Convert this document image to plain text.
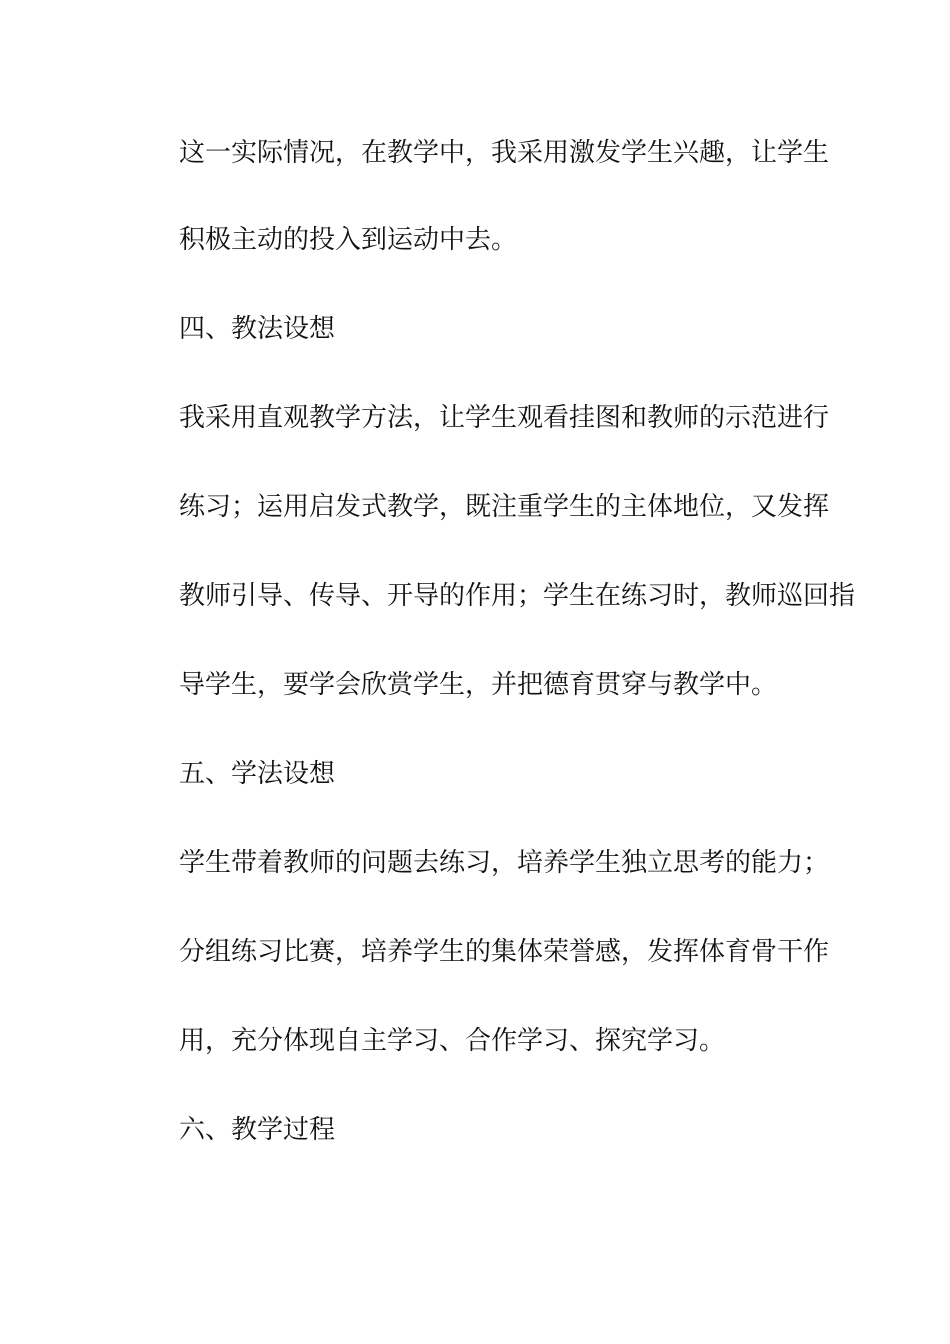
这一实际情况，在教学中，我采用激发学生兴趣，让学生
积极主动的投入到运动中去。
四、教法设想
我采用直观教学方法，让学生观看挂图和教师的示范进行
练习；运用启发式教学，既注重学生的主体地位，又发挥
教师引导、传导、开导的作用；学生在练习时，教师巡回指
导学生，要学会欣赏学生，并把德育贯穿与教学中。
五、学法设想
学生带着教师的问题去练习，培养学生独立思考的能力；
分组练习比赛，培养学生的集体荣誉感，发挥体育骨干作
用，充分体现自主学习、合作学习、探究学习。
六、教学过程
